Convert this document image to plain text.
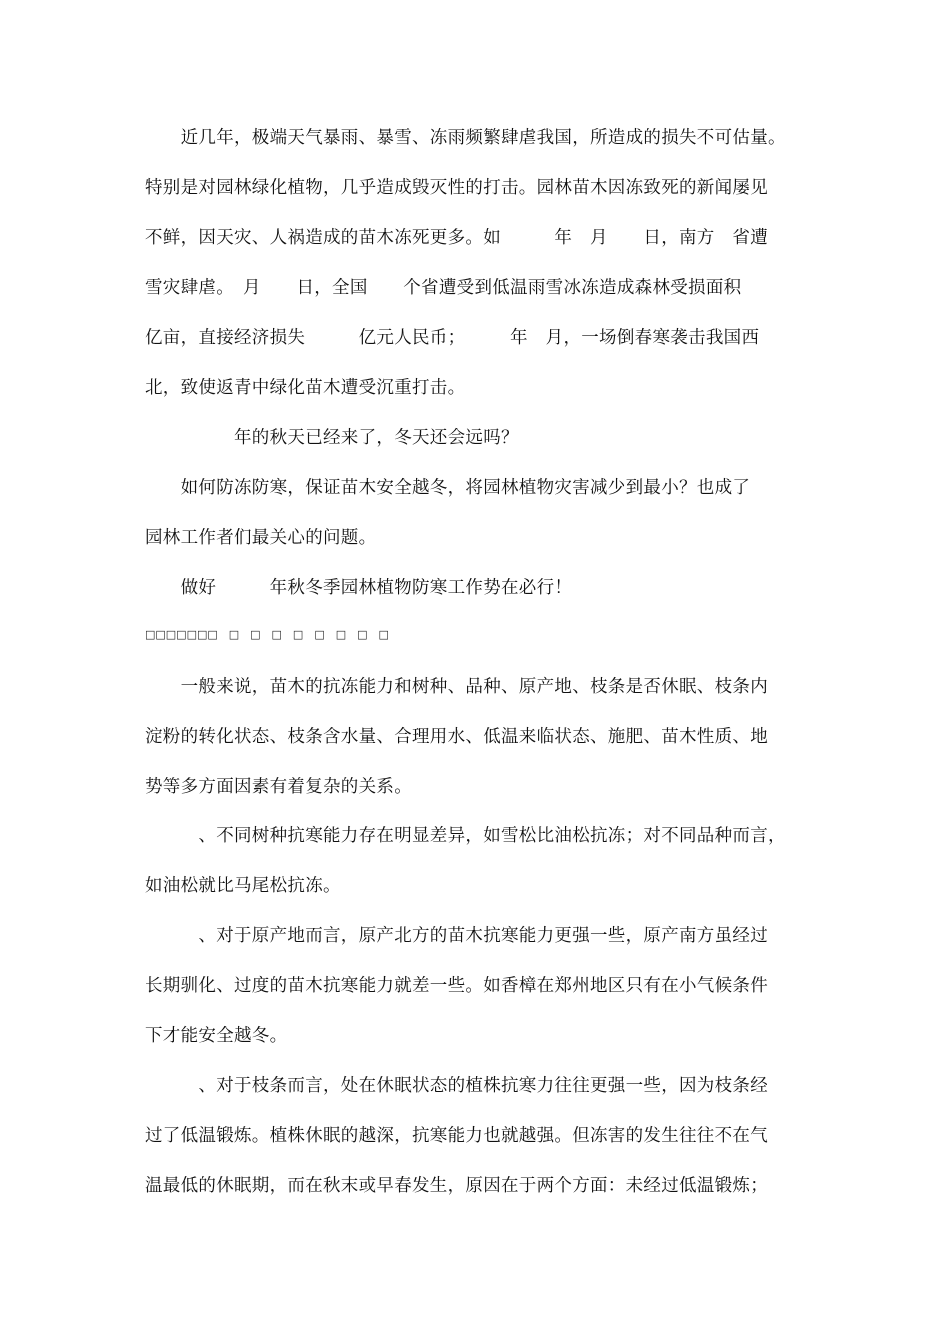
　　近几年，极端天气暴雨、暴雪、冻雨频繁肆虐我国，所造成的损失不可估量。
特别是对园林绿化植物，几乎造成毁灭性的打击。园林苗木因冻致死的新闻屡见
不鲜，因天灾、人祸造成的苗木冻死更多。如　　　年　月　　日，南方　省遭
雪灾肆虐。　月　　日，全国　　个省遭受到低温雨雪冰冻造成森林受损面积
亿亩，直接经济损失　　　亿元人民币；　　　年　月，一场倒春寒袭击我国西
北，致使返青中绿化苗木遭受沉重打击。
　　　　　年的秋天已经来了，冬天还会远吗？
　　如何防冻防寒，保证苗木安全越冬，将园林植物灾害减少到最小？也成了
园林工作者们最关心的问题。
　　做好　　　年秋冬季园林植物防寒工作势在必行！
□□□□□□□　□　□　□　□　□　□　□　□
　　一般来说，苗木的抗冻能力和树种、品种、原产地、枝条是否休眠、枝条内
淀粉的转化状态、枝条含水量、合理用水、低温来临状态、施肥、苗木性质、地
势等多方面因素有着复杂的关系。
　　　、不同树种抗寒能力存在明显差异，如雪松比油松抗冻；对不同品种而言，
如油松就比马尾松抗冻。
　　　、对于原产地而言，原产北方的苗木抗寒能力更强一些，原产南方虽经过
长期驯化、过度的苗木抗寒能力就差一些。如香樟在郑州地区只有在小气候条件
下才能安全越冬。
　　　、对于枝条而言，处在休眠状态的植株抗寒力往往更强一些，因为枝条经
过了低温锻炼。植株休眠的越深，抗寒能力也就越强。但冻害的发生往往不在气
温最低的休眠期，而在秋末或早春发生，原因在于两个方面：未经过低温锻炼；
